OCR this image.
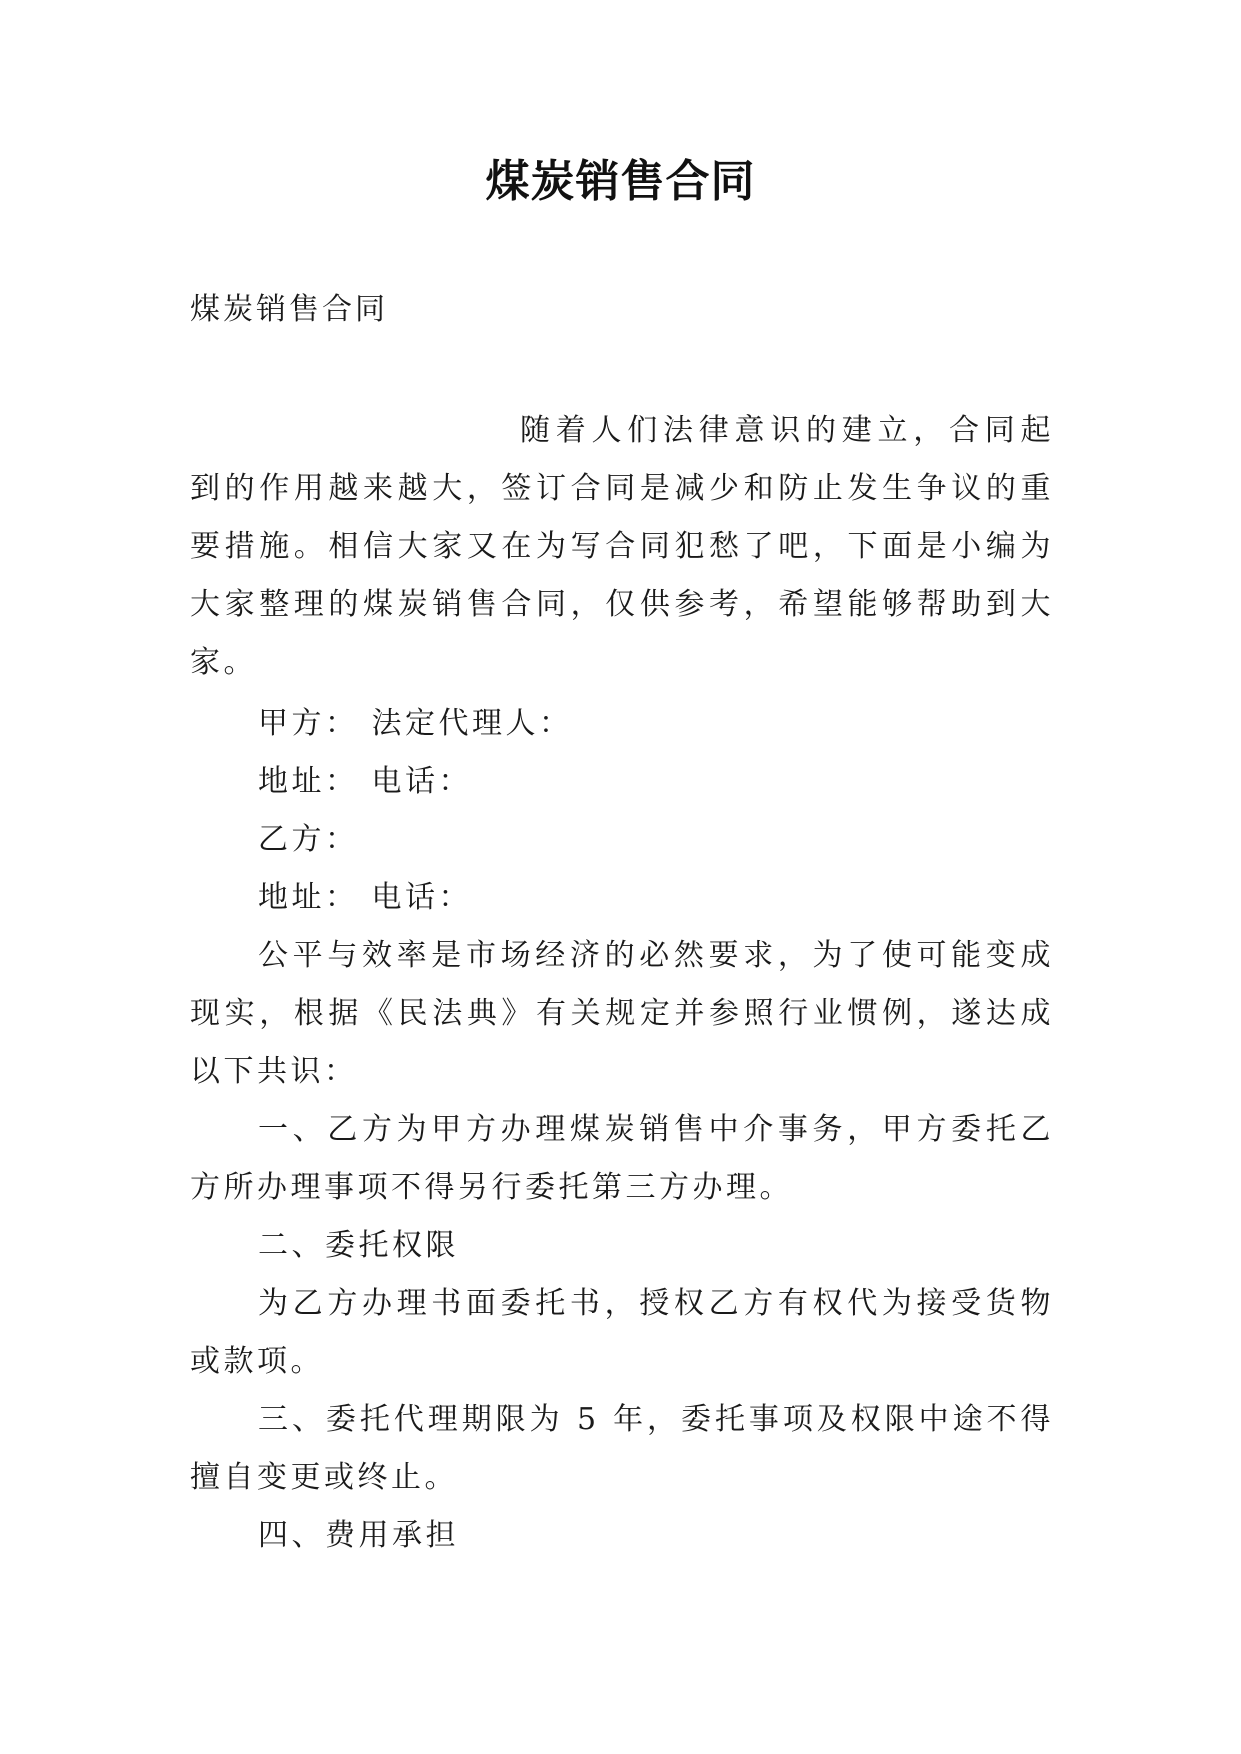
煤炭销售合同
煤炭销售合同
随着人们法律意识的建立，合同起到的作用越来越大，签订合同是减少和防止发生争议的重要措施。相信大家又在为写合同犯愁了吧，下面是小编为大家整理的煤炭销售合同，仅供参考，希望能够帮助到大家。

甲方： 法定代理人：

地址： 电话：

乙方：

地址： 电话：

公平与效率是市场经济的必然要求，为了使可能变成现实，根据《民法典》有关规定并参照行业惯例，遂达成以下共识：

一、乙方为甲方办理煤炭销售中介事务，甲方委托乙方所办理事项不得另行委托第三方办理。

二、委托权限

为乙方办理书面委托书，授权乙方有权代为接受货物或款项。

三、委托代理期限为 5 年，委托事项及权限中途不得擅自变更或终止。

四、费用承担
